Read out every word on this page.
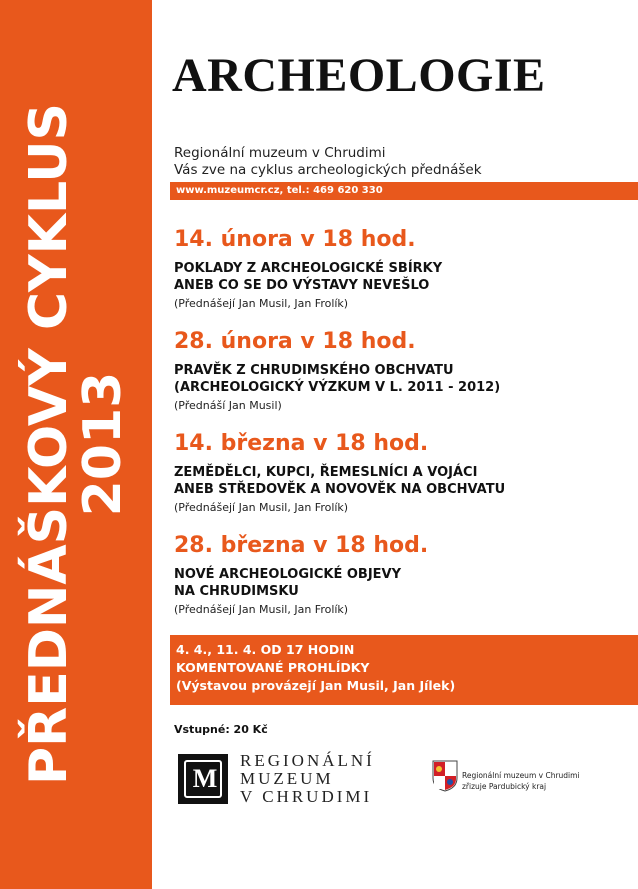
PŘEDNÁŠKOVÝ CYKLUS
2013
ARCHEOLOGIE
Regionální muzeum v Chrudimi
Vás zve na cyklus archeologických přednášek
www.muzeumcr.cz, tel.: 469 620 330
14. února v 18 hod.
POKLADY Z ARCHEOLOGICKÉ SBÍRKY
ANEB CO SE DO VÝSTAVY NEVEŠLO
(Přednášejí Jan Musil, Jan Frolík)
28. února v 18 hod.
PRAVĚK Z CHRUDIMSKÉHO OBCHVATU
(ARCHEOLOGICKÝ VÝZKUM V L. 2011 - 2012)
(Přednáší Jan Musil)
14. března v 18 hod.
ZEMĚDĚLCI, KUPCI, ŘEMESLNÍCI A VOJÁCI
ANEB STŘEDOVĚK A NOVOVĚK NA OBCHVATU
(Přednášejí Jan Musil, Jan Frolík)
28. března v 18 hod.
NOVÉ ARCHEOLOGICKÉ OBJEVY
NA CHRUDIMSKU
(Přednášejí Jan Musil, Jan Frolík)
4. 4., 11. 4. OD 17 HODIN
KOMENTOVANÉ PROHLÍDKY
(Výstavou provázejí Jan Musil, Jan Jílek)
Vstupné: 20 Kč
M
REGIONÁLNÍ
MUZEUM
V CHRUDIMI
Regionální muzeum v Chrudimi
zřizuje Pardubický kraj
